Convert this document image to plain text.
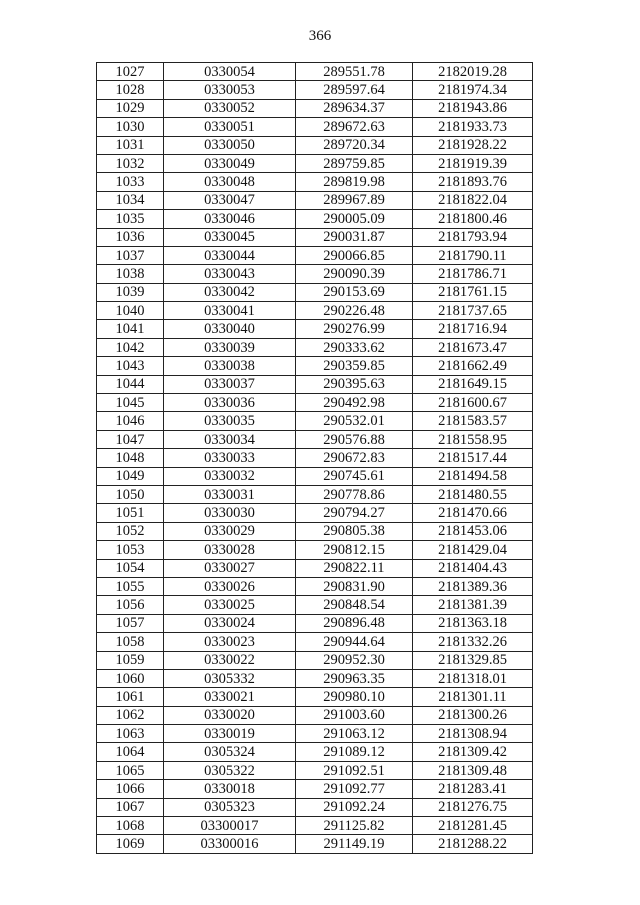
366
1027	0330054	289551.78	2182019.28
1028	0330053	289597.64	2181974.34
1029	0330052	289634.37	2181943.86
1030	0330051	289672.63	2181933.73
1031	0330050	289720.34	2181928.22
1032	0330049	289759.85	2181919.39
1033	0330048	289819.98	2181893.76
1034	0330047	289967.89	2181822.04
1035	0330046	290005.09	2181800.46
1036	0330045	290031.87	2181793.94
1037	0330044	290066.85	2181790.11
1038	0330043	290090.39	2181786.71
1039	0330042	290153.69	2181761.15
1040	0330041	290226.48	2181737.65
1041	0330040	290276.99	2181716.94
1042	0330039	290333.62	2181673.47
1043	0330038	290359.85	2181662.49
1044	0330037	290395.63	2181649.15
1045	0330036	290492.98	2181600.67
1046	0330035	290532.01	2181583.57
1047	0330034	290576.88	2181558.95
1048	0330033	290672.83	2181517.44
1049	0330032	290745.61	2181494.58
1050	0330031	290778.86	2181480.55
1051	0330030	290794.27	2181470.66
1052	0330029	290805.38	2181453.06
1053	0330028	290812.15	2181429.04
1054	0330027	290822.11	2181404.43
1055	0330026	290831.90	2181389.36
1056	0330025	290848.54	2181381.39
1057	0330024	290896.48	2181363.18
1058	0330023	290944.64	2181332.26
1059	0330022	290952.30	2181329.85
1060	0305332	290963.35	2181318.01
1061	0330021	290980.10	2181301.11
1062	0330020	291003.60	2181300.26
1063	0330019	291063.12	2181308.94
1064	0305324	291089.12	2181309.42
1065	0305322	291092.51	2181309.48
1066	0330018	291092.77	2181283.41
1067	0305323	291092.24	2181276.75
1068	03300017	291125.82	2181281.45
1069	03300016	291149.19	2181288.22
